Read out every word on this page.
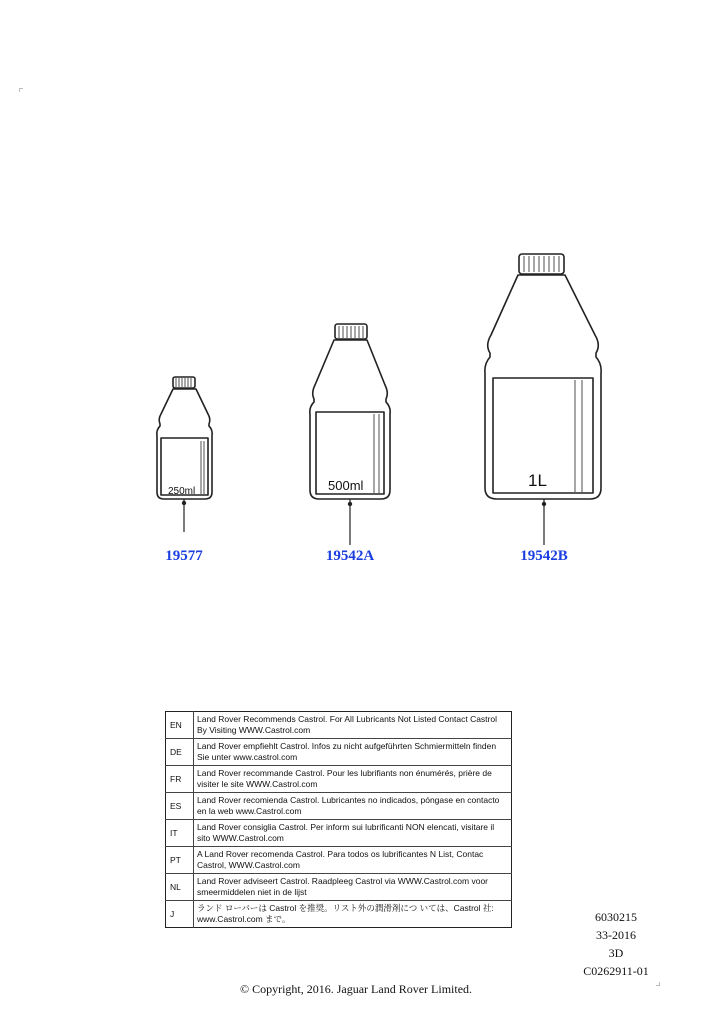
250ml	500ml	1L
19577	19542A	19542B
EN	Land Rover Recommends Castrol. For All Lubricants Not Listed Contact Castrol By Visiting WWW.Castrol.com
DE	Land Rover empfiehlt Castrol. Infos zu nicht aufgeführten Schmiermitteln finden Sie unter www.castrol.com
FR	Land Rover recommande Castrol. Pour les lubrifiants non énumérés, prière de visiter le site WWW.Castrol.com
ES	Land Rover recomienda Castrol. Lubricantes no indicados, póngase en contacto en la web www.Castrol.com
IT	Land Rover consiglia Castrol. Per inform sui lubrificanti NON elencati, visitare il sito WWW.Castrol.com
PT	A Land Rover recomenda Castrol. Para todos os lubrificantes N List, Contac Castrol, WWW.Castrol.com
NL	Land Rover adviseert Castrol. Raadpleeg Castrol via WWW.Castrol.com voor smeermiddelen niet in de lijst
J	ランド ローバーは Castrol を推奨。リスト外の潤滑剤につ いては、Castrol 社: www.Castrol.com まで。	6030215
33-2016
3D
C0262911-01
© Copyright, 2016. Jaguar Land Rover Limited.
